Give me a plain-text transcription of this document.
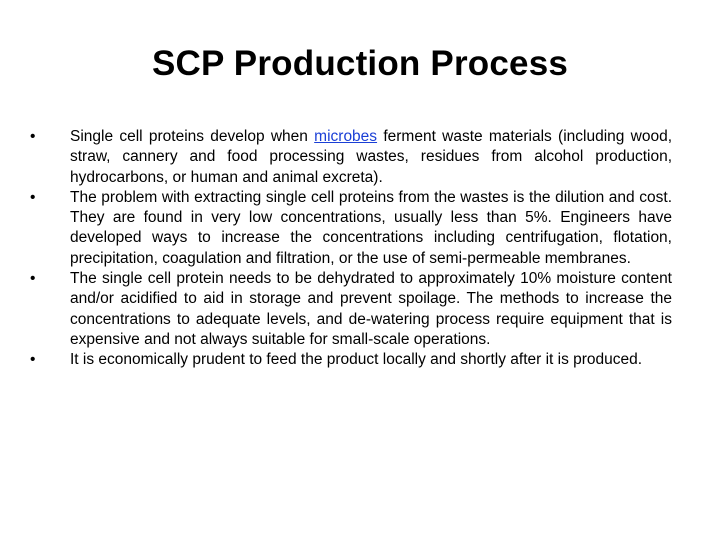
SCP Production Process
•	Single cell proteins develop when microbes ferment waste materials (including wood, straw, cannery and food processing wastes, residues from alcohol production, hydrocarbons, or human and animal excreta).
•	The problem with extracting single cell proteins from the wastes is the dilution and cost. They are found in very low concentrations, usually less than 5%. Engineers have developed ways to increase the concentrations including centrifugation, flotation, precipitation, coagulation and filtration, or the use of semi-permeable membranes.
•	The single cell protein needs to be dehydrated to approximately 10% moisture content and/or acidified to aid in storage and prevent spoilage. The methods to increase the concentrations to adequate levels, and de-watering process require equipment that is expensive and not always suitable for small-scale operations.
•	It is economically prudent to feed the product locally and shortly after it is produced.
